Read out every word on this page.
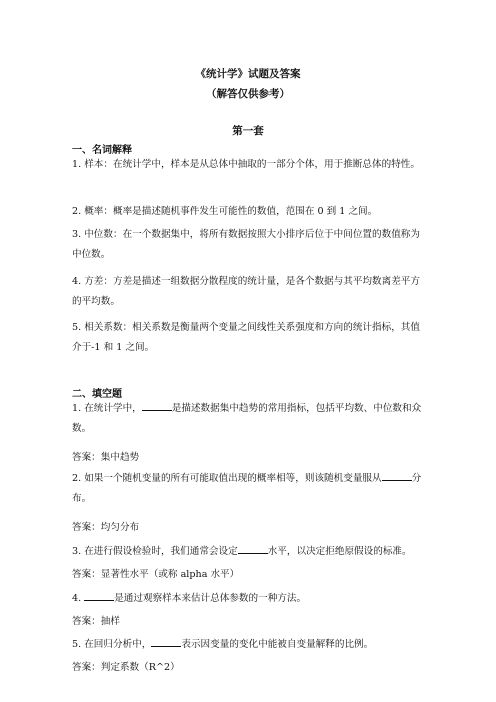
《统计学》试题及答案
（解答仅供参考）
第一套
一、名词解释
1. 样本：在统计学中，样本是从总体中抽取的一部分个体，用于推断总体的特性。
2. 概率：概率是描述随机事件发生可能性的数值，范围在 0 到 1 之间。
3. 中位数：在一个数据集中，将所有数据按照大小排序后位于中间位置的数值称为中位数。
4. 方差：方差是描述一组数据分散程度的统计量，是各个数据与其平均数离差平方的平均数。
5. 相关系数：相关系数是衡量两个变量之间线性关系强度和方向的统计指标，其值介于-1 和 1 之间。
二、填空题
1. 在统计学中，	是描述数据集中趋势的常用指标，包括平均数、中位数和众数。
答案：集中趋势
2. 如果一个随机变量的所有可能取值出现的概率相等，则该随机变量服从	分布。
答案：均匀分布
3. 在进行假设检验时，我们通常会设定	水平，以决定拒绝原假设的标准。
答案：显著性水平（或称 alpha 水平）
4.	是通过观察样本来估计总体参数的一种方法。
答案：抽样
5. 在回归分析中，	表示因变量的变化中能被自变量解释的比例。
答案：判定系数（R^2）
